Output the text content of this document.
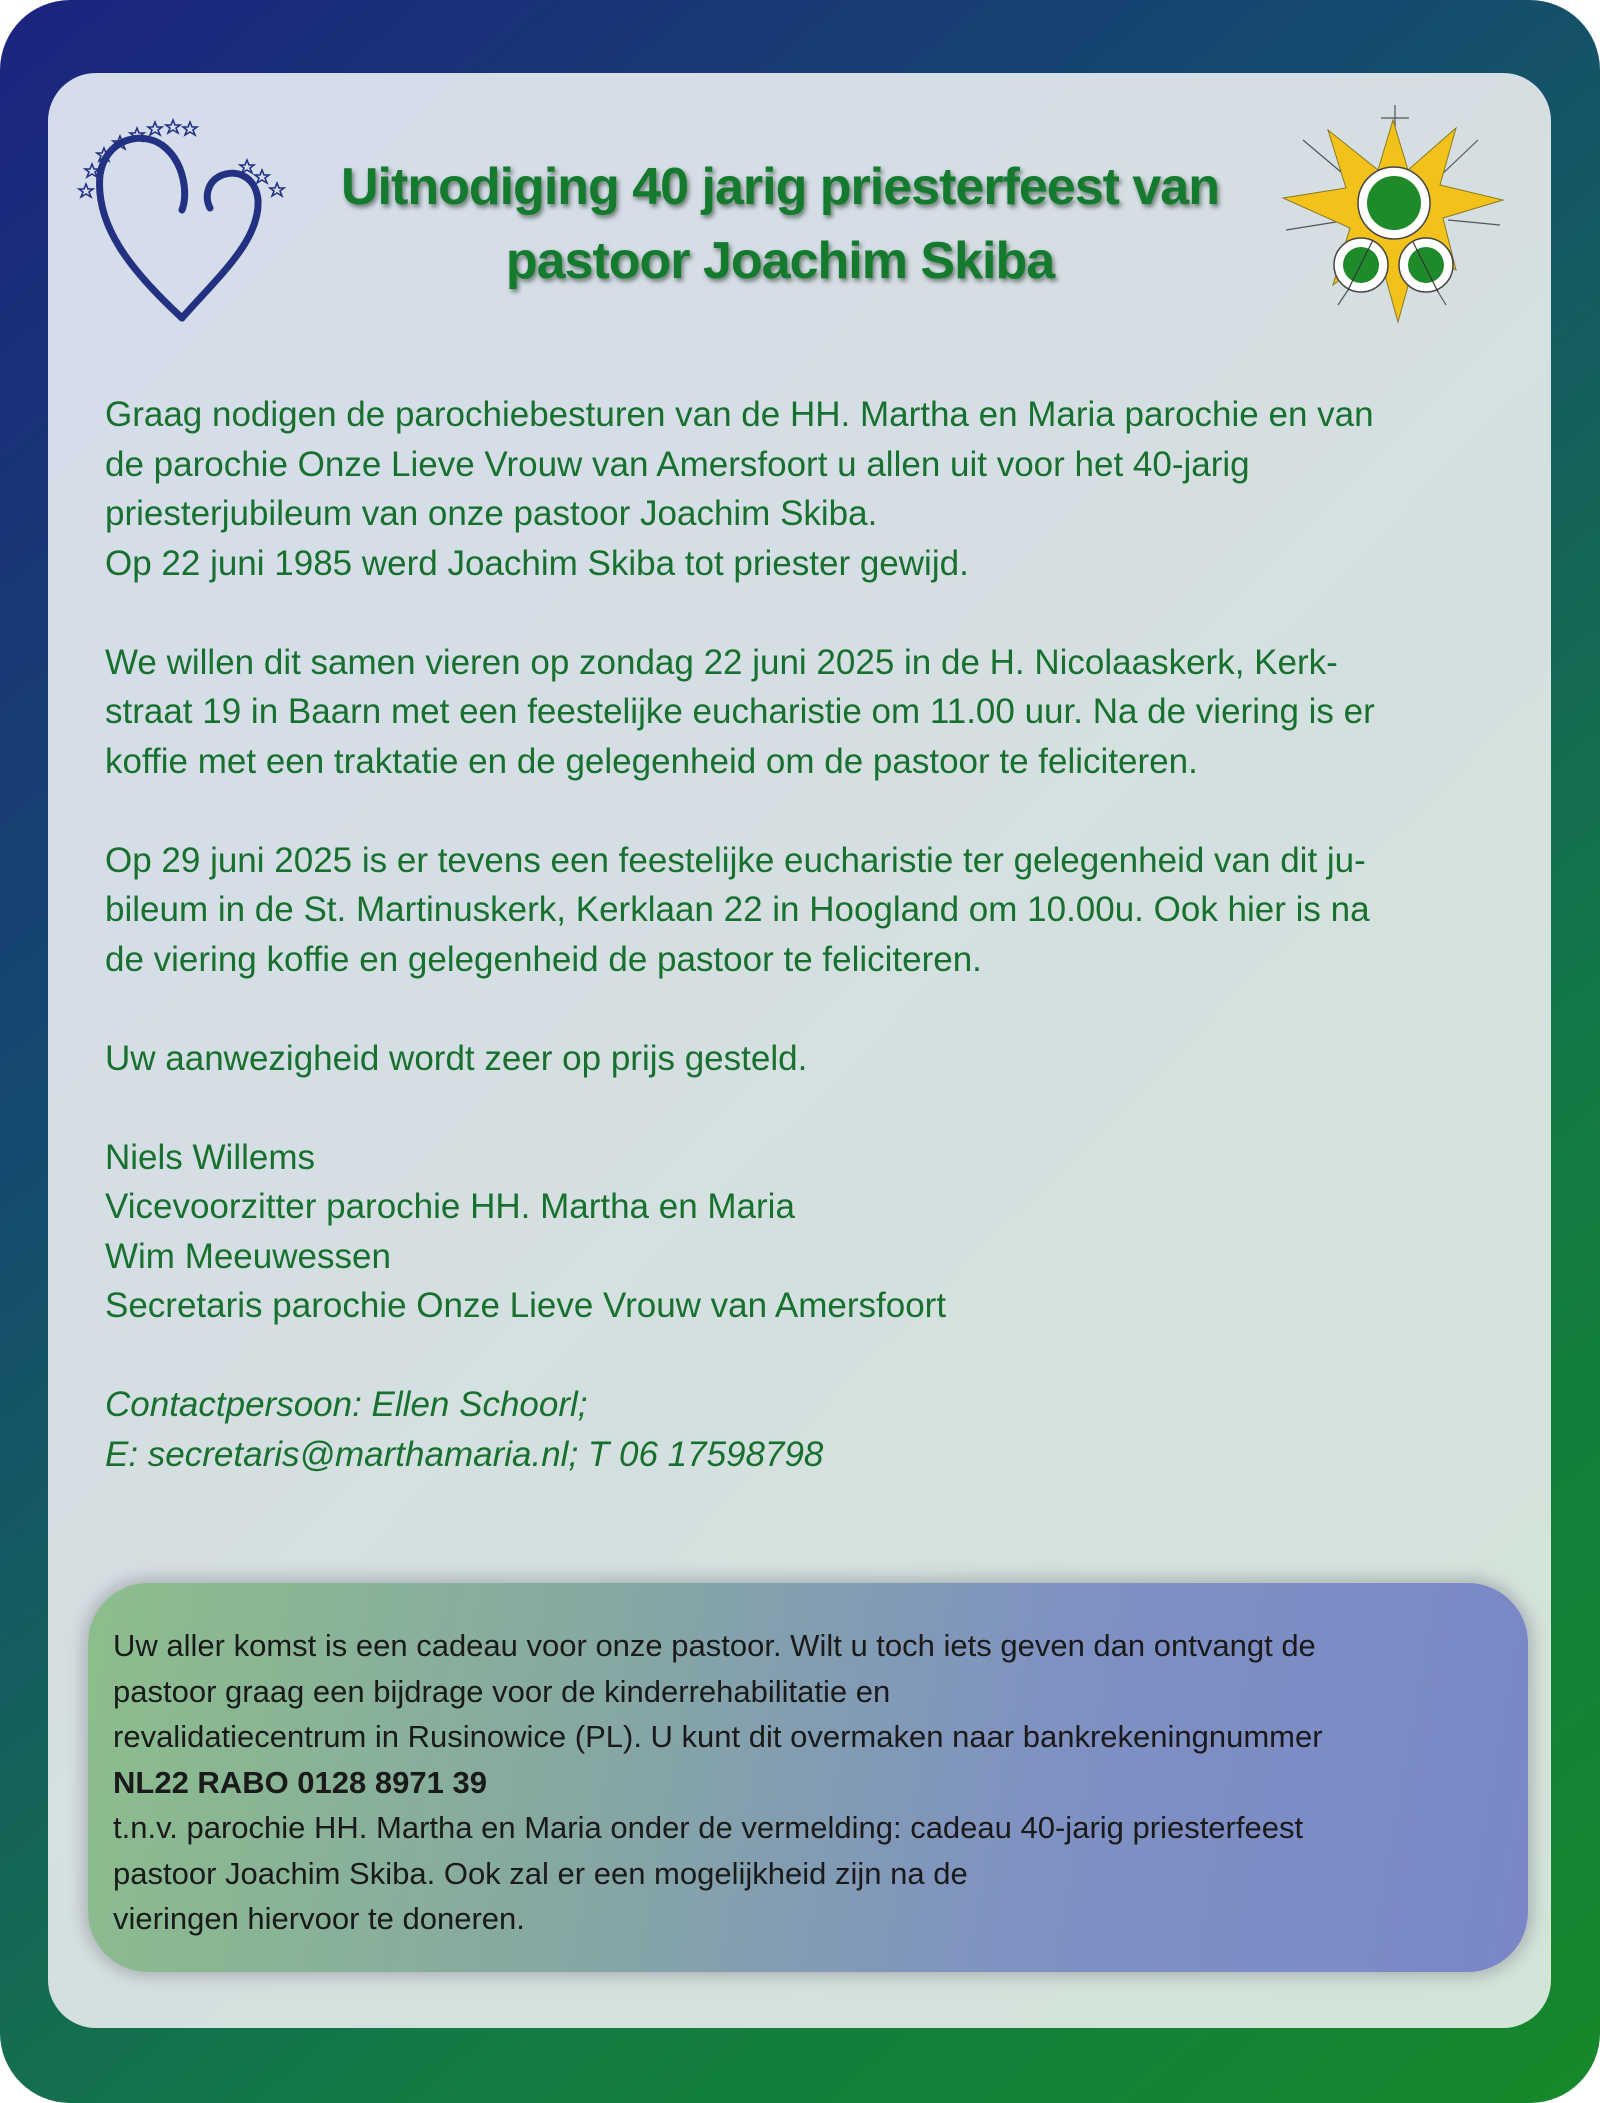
Uitnodiging 40 jarig priesterfeest van
pastoor Joachim Skiba

Graag nodigen de parochiebesturen van de HH. Martha en Maria parochie en van
de parochie Onze Lieve Vrouw van Amersfoort u allen uit voor het 40-jarig
priesterjubileum van onze pastoor Joachim Skiba.
Op 22 juni 1985 werd Joachim Skiba tot priester gewijd.

We willen dit samen vieren op zondag 22 juni 2025 in de H. Nicolaaskerk, Kerk-
straat 19 in Baarn met een feestelijke eucharistie om 11.00 uur. Na de viering is er
koffie met een traktatie en de gelegenheid om de pastoor te feliciteren.

Op 29 juni 2025 is er tevens een feestelijke eucharistie ter gelegenheid van dit ju-
bileum in de St. Martinuskerk, Kerklaan 22 in Hoogland om 10.00u. Ook hier is na
de viering koffie en gelegenheid de pastoor te feliciteren.

Uw aanwezigheid wordt zeer op prijs gesteld.

Niels Willems
Vicevoorzitter parochie HH. Martha en Maria
Wim Meeuwessen
Secretaris parochie Onze Lieve Vrouw van Amersfoort

Contactpersoon: Ellen Schoorl;
E: secretaris@marthamaria.nl; T 06 17598798

Uw aller komst is een cadeau voor onze pastoor. Wilt u toch iets geven dan ontvangt de
pastoor graag een bijdrage voor de kinderrehabilitatie en
revalidatiecentrum in Rusinowice (PL). U kunt dit overmaken naar bankrekeningnummer
NL22 RABO 0128 8971 39
t.n.v. parochie HH. Martha en Maria onder de vermelding: cadeau 40-jarig priesterfeest
pastoor Joachim Skiba. Ook zal er een mogelijkheid zijn na de
vieringen hiervoor te doneren.
